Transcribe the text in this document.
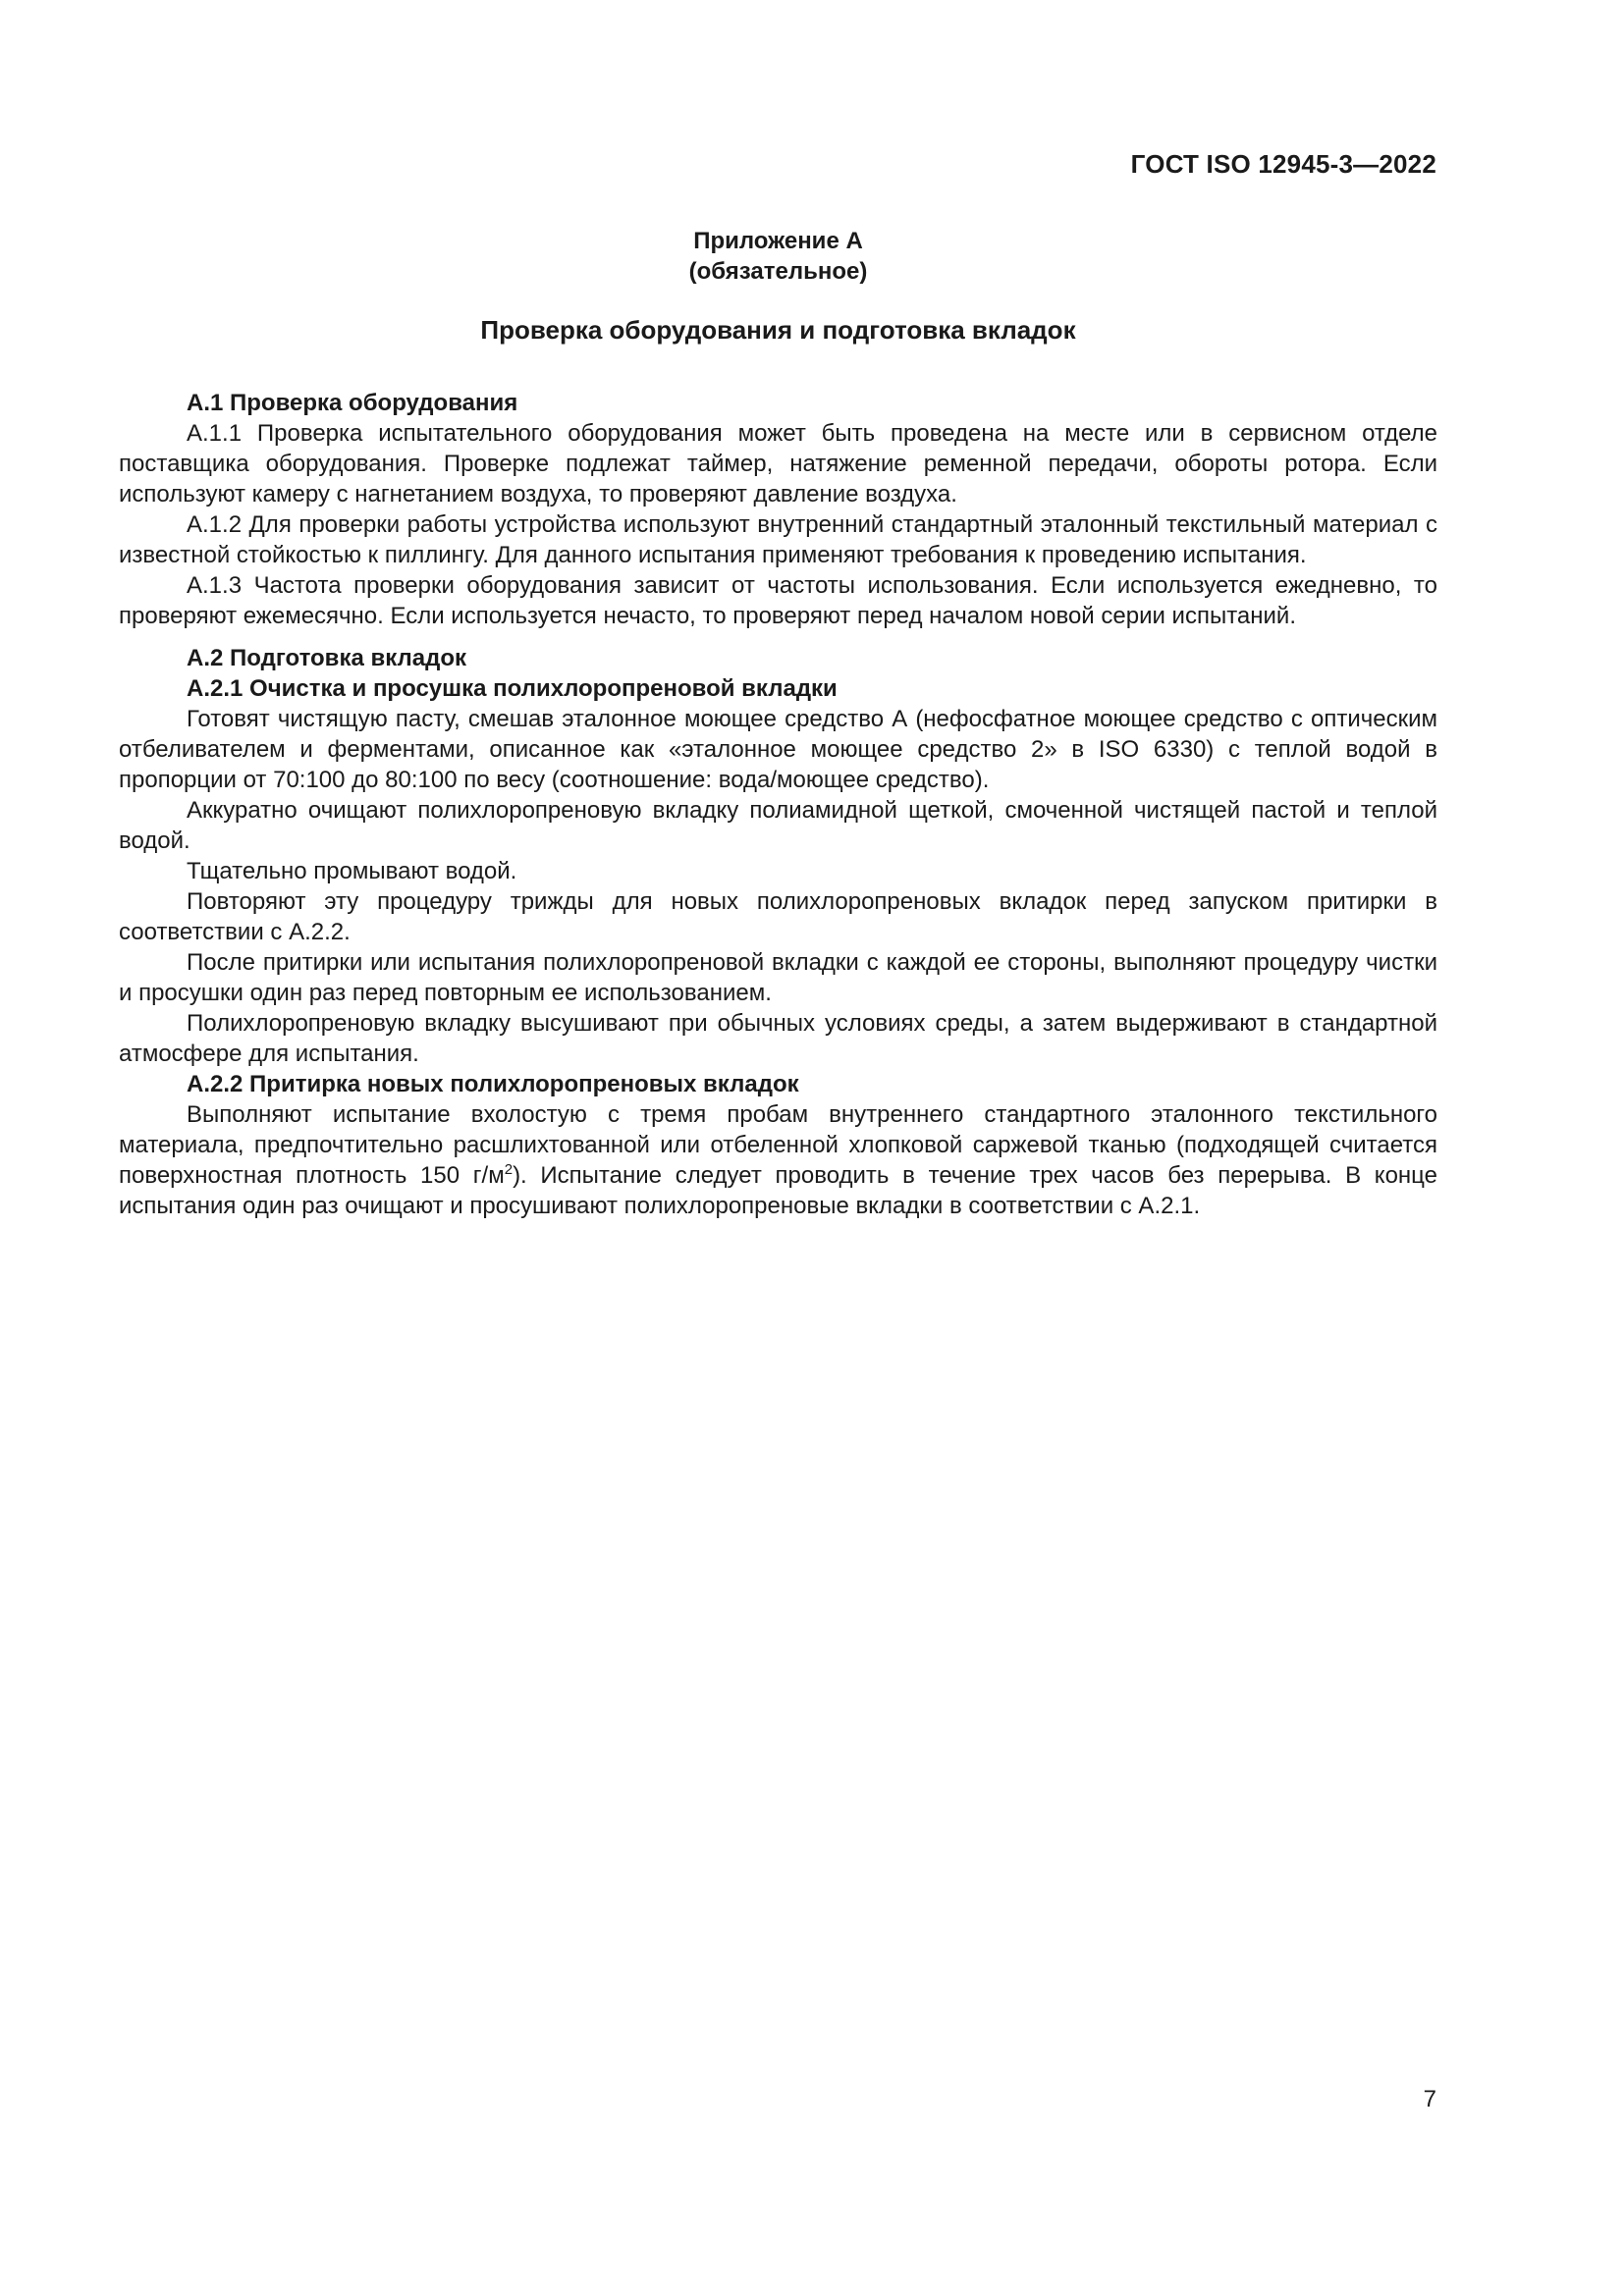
ГОСТ ISO 12945-3—2022
Приложение А
(обязательное)
Проверка оборудования и подготовка вкладок

А.1 Проверка оборудования

А.1.1 Проверка испытательного оборудования может быть проведена на месте или в сервисном отделе поставщика оборудования. Проверке подлежат таймер, натяжение ременной передачи, обороты ротора. Если используют камеру с нагнетанием воздуха, то проверяют давление воздуха.

А.1.2 Для проверки работы устройства используют внутренний стандартный эталонный текстильный материал с известной стойкостью к пиллингу. Для данного испытания применяют требования к проведению испытания.

А.1.3 Частота проверки оборудования зависит от частоты использования. Если используется ежедневно, то проверяют ежемесячно. Если используется нечасто, то проверяют перед началом новой серии испытаний.

А.2 Подготовка вкладок

А.2.1 Очистка и просушка полихлоропреновой вкладки

Готовят чистящую пасту, смешав эталонное моющее средство А (нефосфатное моющее средство с оптическим отбеливателем и ферментами, описанное как «эталонное моющее средство 2» в ISO 6330) с теплой водой в пропорции от 70:100 до 80:100 по весу (соотношение: вода/моющее средство).

Аккуратно очищают полихлоропреновую вкладку полиамидной щеткой, смоченной чистящей пастой и теплой водой.

Тщательно промывают водой.

Повторяют эту процедуру трижды для новых полихлоропреновых вкладок перед запуском притирки в соответствии с А.2.2.

После притирки или испытания полихлоропреновой вкладки с каждой ее стороны, выполняют процедуру чистки и просушки один раз перед повторным ее использованием.

Полихлоропреновую вкладку высушивают при обычных условиях среды, а затем выдерживают в стандартной атмосфере для испытания.

А.2.2 Притирка новых полихлоропреновых вкладок

Выполняют испытание вхолостую с тремя пробам внутреннего стандартного эталонного текстильного материала, предпочтительно расшлихтованной или отбеленной хлопковой саржевой тканью (подходящей считается поверхностная плотность 150 $г/м^2$). Испытание следует проводить в течение трех часов без перерыва. В конце испытания один раз очищают и просушивают полихлоропреновые вкладки в соответствии с А.2.1.

7
